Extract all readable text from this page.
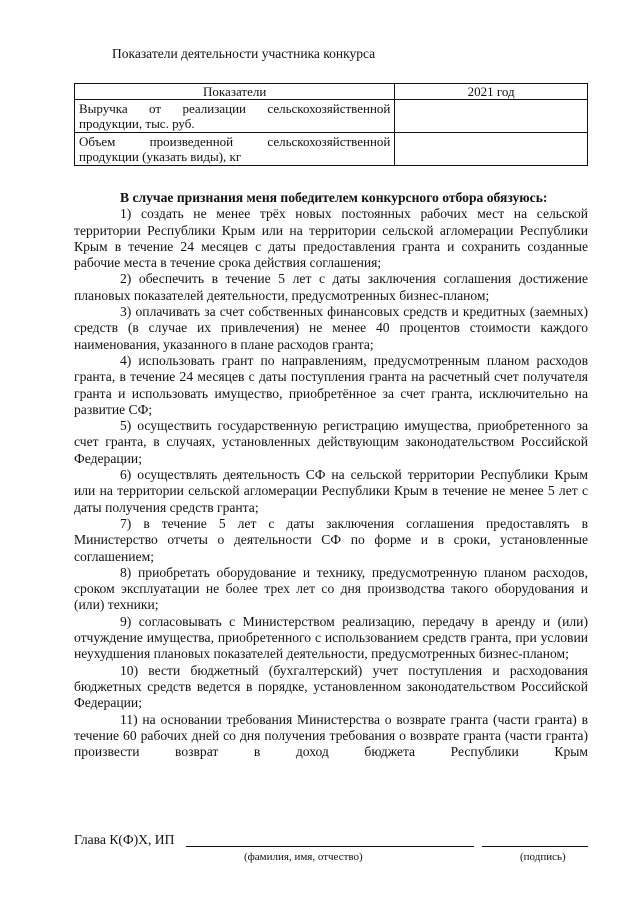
Показатели деятельности участника конкурса
Показатели	2021 год
Выручка от реализации сельскохозяйственной продукции, тыс. руб.	
Объем произведенной сельскохозяйственной продукции (указать виды), кг	

В случае признания меня победителем конкурсного отбора обязуюсь:

1) создать не менее трёх новых постоянных рабочих мест на сельской территории Республики Крым или на территории сельской агломерации Республики Крым в течение 24 месяцев с даты предоставления гранта и сохранить созданные рабочие места в течение срока действия соглашения;

2) обеспечить в течение 5 лет с даты заключения соглашения достижение плановых показателей деятельности, предусмотренных бизнес-планом;

3) оплачивать за счет собственных финансовых средств и кредитных (заемных) средств (в случае их привлечения) не менее 40 процентов стоимости каждого наименования, указанного в плане расходов гранта;

4) использовать грант по направлениям, предусмотренным планом расходов гранта, в течение 24 месяцев с даты поступления гранта на расчетный счет получателя гранта и использовать имущество, приобретённое за счет гранта, исключительно на развитие СФ;

5) осуществить государственную регистрацию имущества, приобретенного за счет гранта, в случаях, установленных действующим законодательством Российской Федерации;

6) осуществлять деятельность СФ на сельской территории Республики Крым или на территории сельской агломерации Республики Крым в течение не менее 5 лет с даты получения средств гранта;

7) в течение 5 лет с даты заключения соглашения предоставлять в Министерство отчеты о деятельности СФ по форме и в сроки, установленные соглашением;

8) приобретать оборудование и технику, предусмотренную планом расходов, сроком эксплуатации не более трех лет со дня производства такого оборудования и (или) техники;

9) согласовывать с Министерством реализацию, передачу в аренду и (или) отчуждение имущества, приобретенного с использованием средств гранта, при условии неухудшения плановых показателей деятельности, предусмотренных бизнес-планом;

10) вести бюджетный (бухгалтерский) учет поступления и расходования бюджетных средств ведется в порядке, установленном законодательством Российской Федерации;

11) на основании требования Министерства о возврате гранта (части гранта) в течение 60 рабочих дней со дня получения требования о возврате гранта (части гранта) произвести возврат в доход бюджета Республики Крым

Глава К(Ф)Х, ИП
(фамилия, имя, отчество)	(подпись)
